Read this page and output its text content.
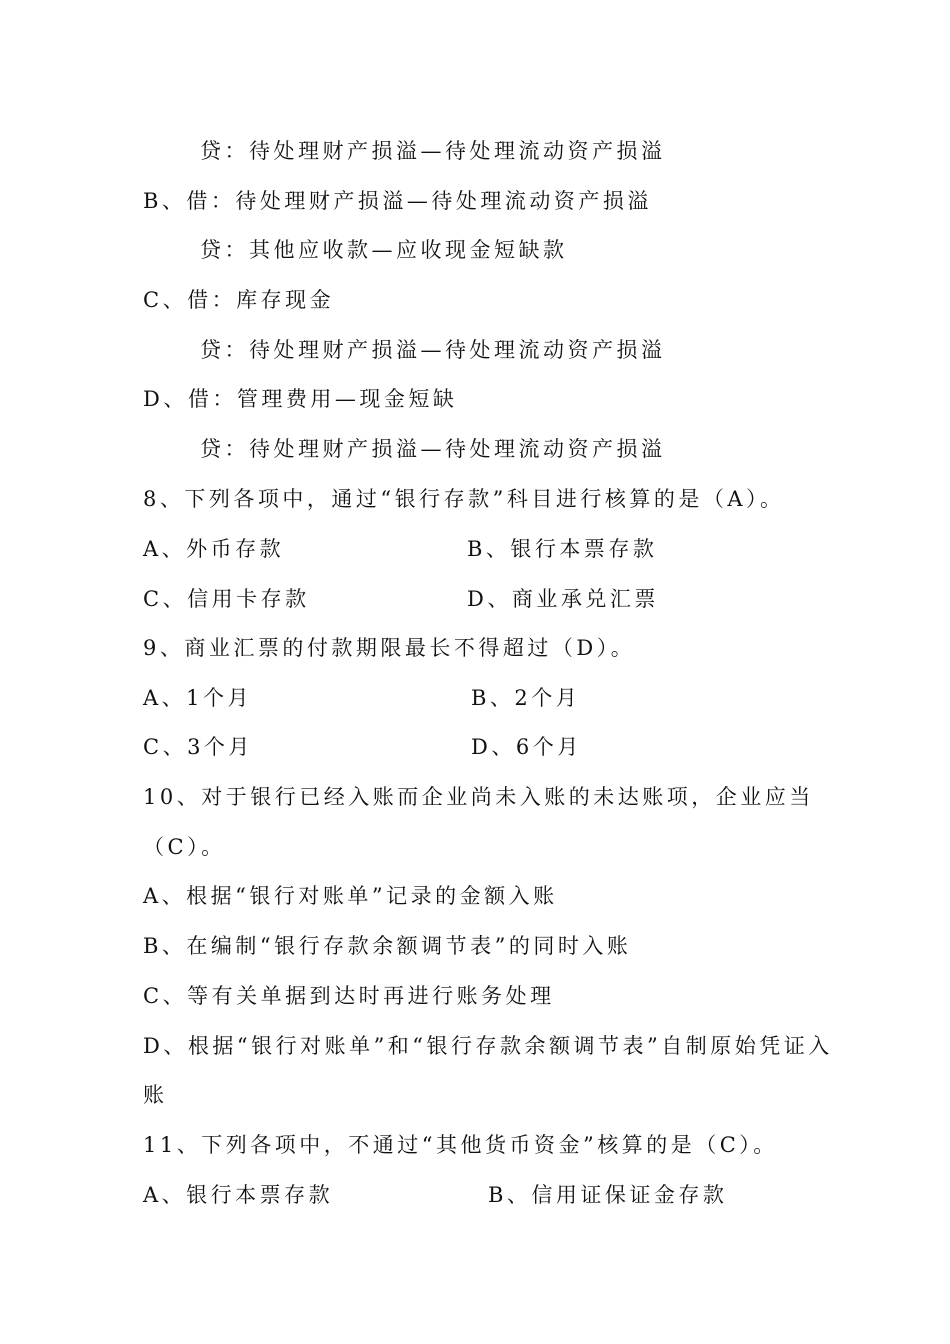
贷：待处理财产损溢—待处理流动资产损溢
B、借：待处理财产损溢—待处理流动资产损溢
贷：其他应收款—应收现金短缺款
C、借：库存现金
贷：待处理财产损溢—待处理流动资产损溢
D、借：管理费用—现金短缺
贷：待处理财产损溢—待处理流动资产损溢
8、下列各项中，通过“银行存款”科目进行核算的是（A）。
A、外币存款	B、银行本票存款
C、信用卡存款	D、商业承兑汇票
9、商业汇票的付款期限最长不得超过（D）。
A、1个月	B、2个月
C、3个月	D、6个月
10、对于银行已经入账而企业尚未入账的未达账项，企业应当
（C）。
A、根据“银行对账单”记录的金额入账
B、在编制“银行存款余额调节表”的同时入账
C、等有关单据到达时再进行账务处理
D、根据“银行对账单”和“银行存款余额调节表”自制原始凭证入
账
11、下列各项中，不通过“其他货币资金”核算的是（C）。
A、银行本票存款	B、信用证保证金存款
